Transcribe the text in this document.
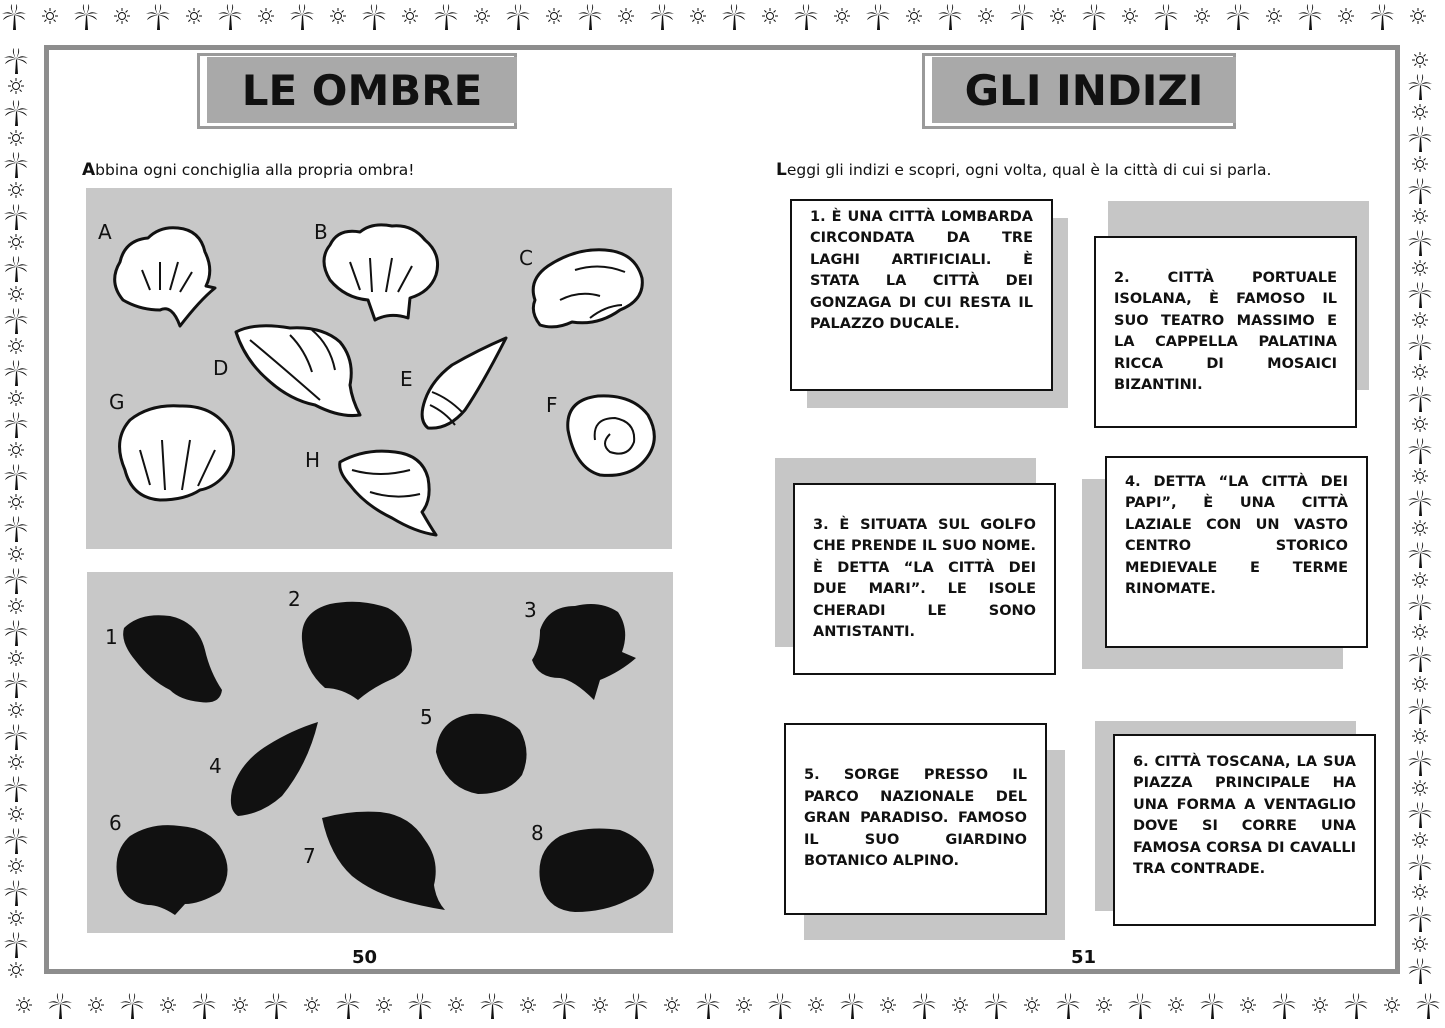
LE OMBRE
Abbina ogni conchiglia alla propria ombra!
A	B
C
D	E
F
G
H
1
2	3
4
5
6
7
8
50
GLI INDIZI
Leggi gli indizi e scopri, ogni volta, qual è la città di cui si parla.
1. È UNA CITTÀ LOMBARDA CIRCONDATA DA TRE LAGHI ARTIFICIALI. È STATA LA CITTÀ DEI GONZAGA DI CUI RESTA IL PALAZZO DUCALE.
2. CITTÀ PORTUALE ISOLANA, È FAMOSO IL SUO TEATRO MASSIMO E LA CAPPELLA PALATINA RICCA DI MOSAICI BIZANTINI.
3. È SITUATA SUL GOLFO CHE PRENDE IL SUO NOME. È DETTA “LA CITTÀ DEI DUE MARI”. LE ISOLE CHERADI LE SONO ANTISTANTI.
4. DETTA “LA CITTÀ DEI PAPI”, È UNA CITTÀ LAZIALE CON UN VASTO CENTRO STORICO MEDIEVALE E TERME RINOMATE.
5. SORGE PRESSO IL PARCO NAZIONALE DEL GRAN PARADISO. FAMOSO IL SUO GIARDINO BOTANICO ALPINO.
6. CITTÀ TOSCANA, LA SUA PIAZZA PRINCIPALE HA UNA FORMA A VENTAGLIO DOVE SI CORRE UNA FAMOSA CORSA DI CAVALLI TRA CONTRADE.
51
